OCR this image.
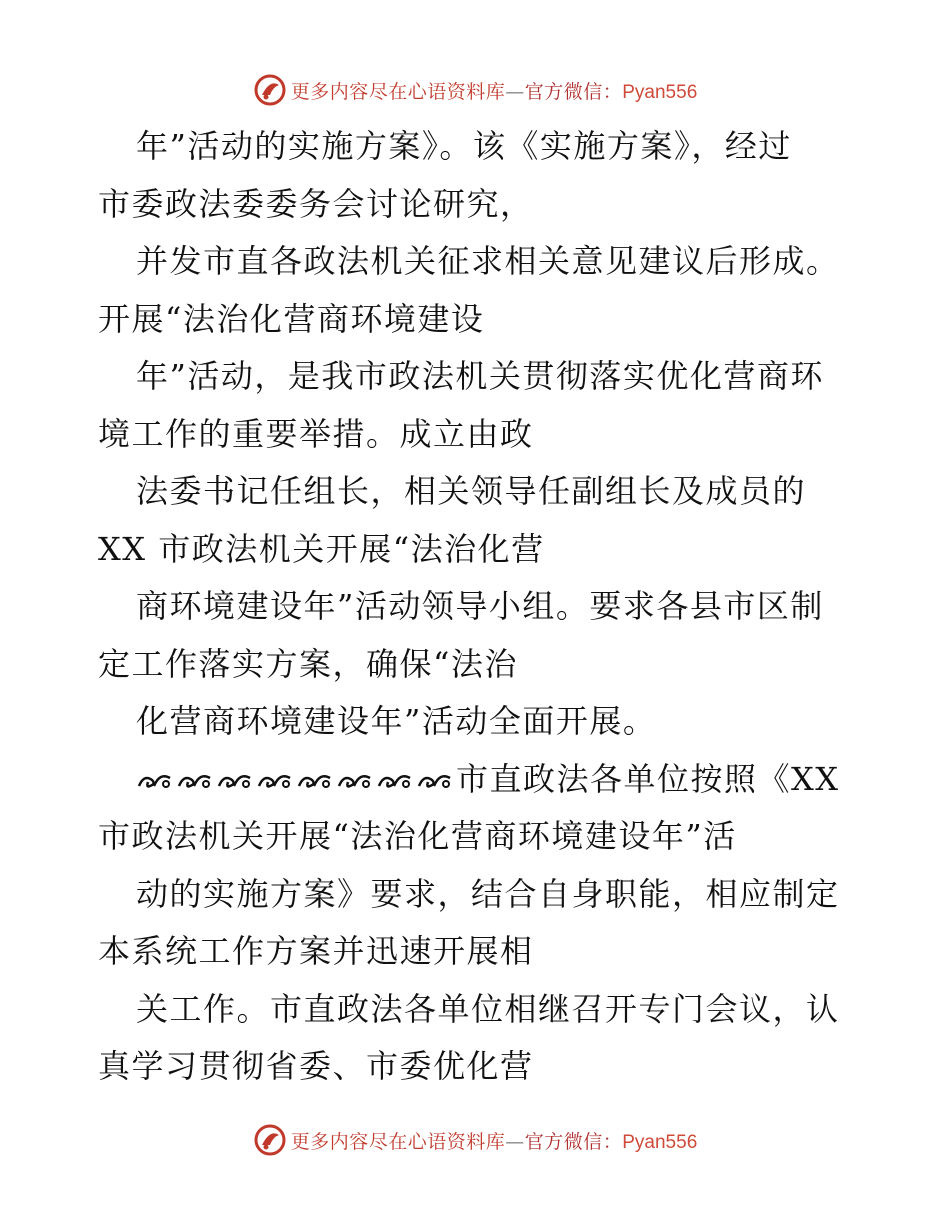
更多内容尽在心语资料库—官方微信：Pyan556
年”活动的实施方案》。该《实施方案》，经过
市委政法委委务会讨论研究，
并发市直各政法机关征求相关意见建议后形成。
开展“法治化营商环境建设
年”活动，是我市政法机关贯彻落实优化营商环
境工作的重要举措。成立由政
法委书记任组长，相关领导任副组长及成员的
XX 市政法机关开展“法治化营
商环境建设年”活动领导小组。要求各县市区制
定工作落实方案，确保“法治
化营商环境建设年”活动全面开展。
市直政法各单位按照《XX
市政法机关开展“法治化营商环境建设年”活
动的实施方案》要求，结合自身职能，相应制定
本系统工作方案并迅速开展相
关工作。市直政法各单位相继召开专门会议，认
真学习贯彻省委、市委优化营
更多内容尽在心语资料库—官方微信：Pyan556
